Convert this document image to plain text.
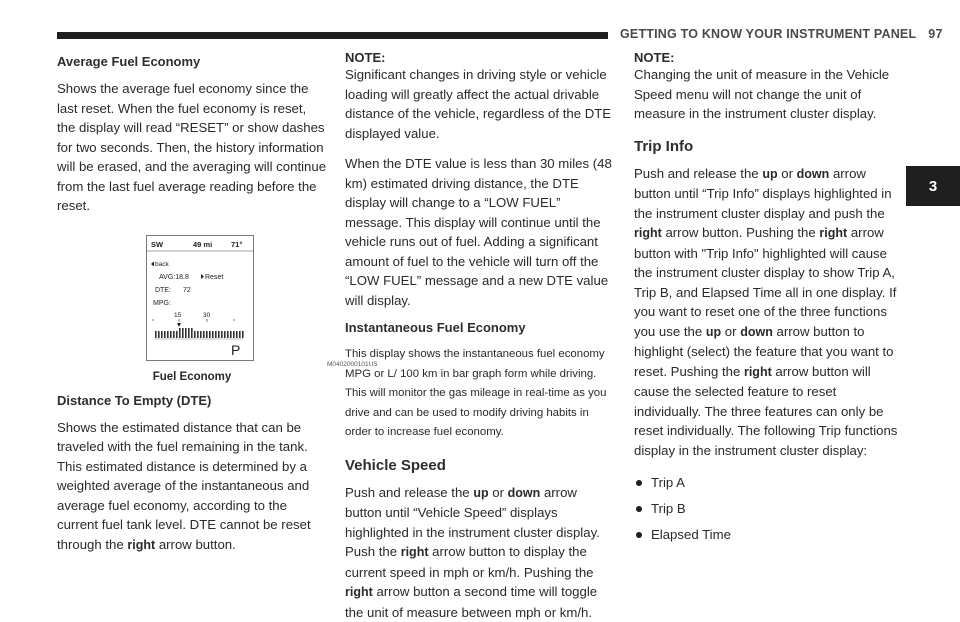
GETTING TO KNOW YOUR INSTRUMENT PANEL 97
Average Fuel Economy

Shows the average fuel economy since the last reset. When the fuel economy is reset, the display will read “RESET” or show dashes for two seconds. Then, the history information will be erased, and the averaging will continue from the last fuel average reading before the reset.

SW	49 mi	71°
back
AVG:18.8 Reset
DTE: 72
MPG:
15	30
P
M0402000101US
Fuel Economy
Distance To Empty (DTE)

Shows the estimated distance that can be traveled with the fuel remaining in the tank. This estimated distance is determined by a weighted average of the instantaneous and average fuel economy, according to the current fuel tank level. DTE cannot be reset through the right arrow button.

NOTE:

Significant changes in driving style or vehicle loading will greatly affect the actual drivable distance of the vehicle, regardless of the DTE displayed value.

When the DTE value is less than 30 miles (48 km) estimated driving distance, the DTE display will change to a “LOW FUEL” message. This display will continue until the vehicle runs out of fuel. Adding a significant amount of fuel to the vehicle will turn off the “LOW FUEL” message and a new DTE value will display.

Instantaneous Fuel Economy

This display shows the instantaneous fuel economy MPG or L/ 100 km in bar graph form while driving. This will monitor the gas mileage in real-time as you drive and can be used to modify driving habits in order to increase fuel economy.

Vehicle Speed

Push and release the up or down arrow button until “Vehicle Speed” displays highlighted in the instrument cluster display. Push the right arrow button to display the current speed in mph or km/h. Pushing the right arrow button a second time will toggle the unit of measure between mph or km/h.

NOTE:

Changing the unit of measure in the Vehicle Speed menu will not change the unit of measure in the instrument cluster display.

Trip Info

Push and release the up or down arrow button until “Trip Info” displays highlighted in the instrument cluster display and push the right arrow button. Pushing the right arrow button with "Trip Info" highlighted will cause the instrument cluster display to show Trip A, Trip B, and Elapsed Time all in one display. If you want to reset one of the three functions you use the up or down arrow button to highlight (select) the feature that you want to reset. Pushing the right arrow button will cause the selected feature to reset individually. The three features can only be reset individually. The following Trip functions display in the instrument cluster display:

Trip A
Trip B
Elapsed Time
3
